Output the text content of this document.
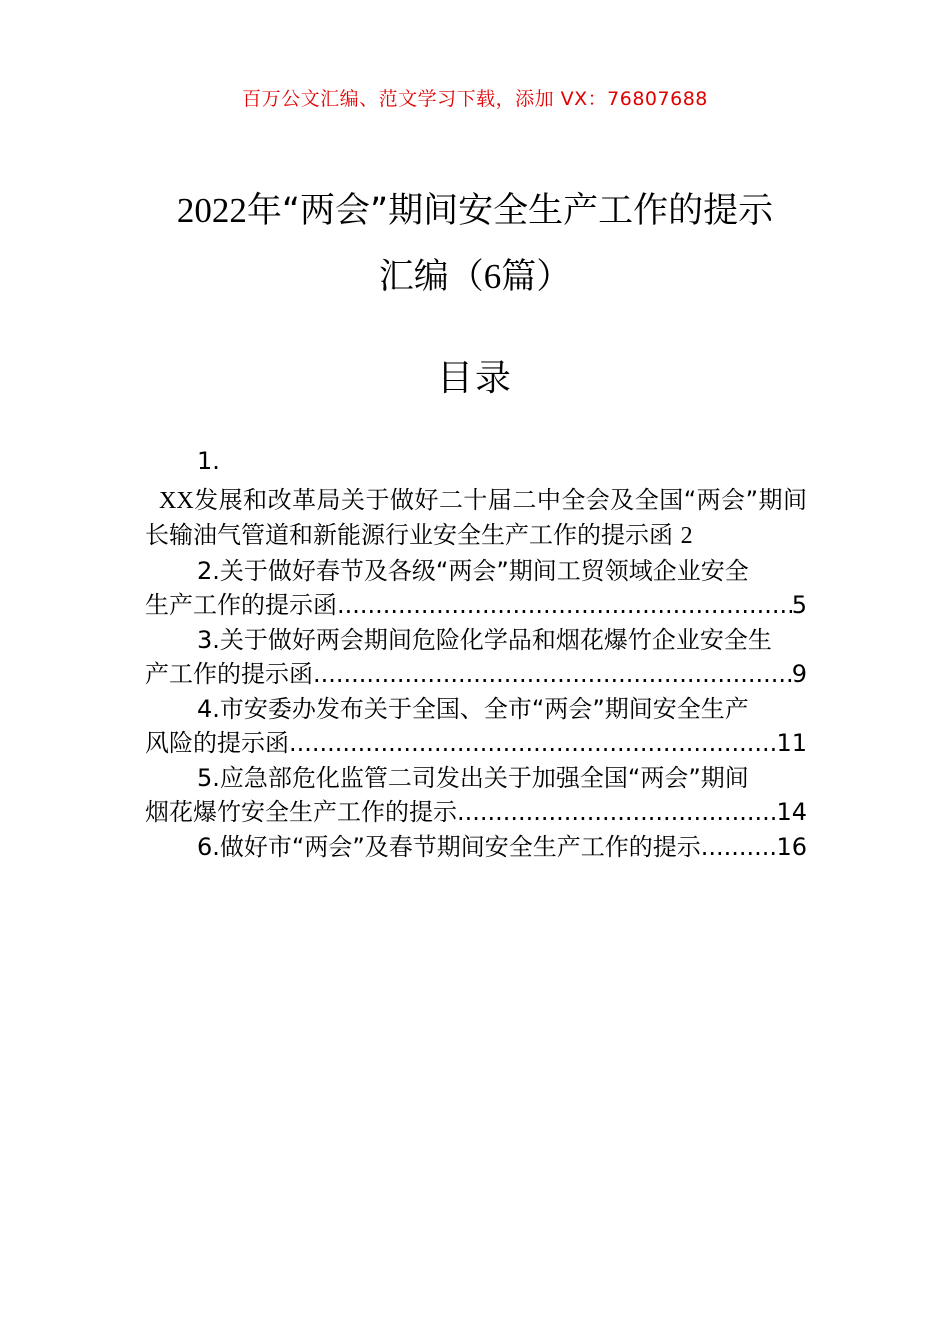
百万公文汇编、范文学习下载，添加 VX：76807688
2022年“两会”期间安全生产工作的提示
汇编（6篇）
目录
1.
XX发展和改革局关于做好二十届二中全会及全国“两会”期间长输油气管道和新能源行业安全生产工作的提示函 2
2.关于做好春节及各级“两会”期间工贸领域企业安全
生产工作的提示函 .....	5
3.关于做好两会期间危险化学品和烟花爆竹企业安全生
产工作的提示函 .....	9
4.市安委办发布关于全国、全市“两会”期间安全生产
风险的提示函 .....	11
5.应急部危化监管二司发出关于加强全国“两会”期间
烟花爆竹安全生产工作的提示 .....	14
6.做好市“两会”及春节期间安全生产工作的提示 .....	16
